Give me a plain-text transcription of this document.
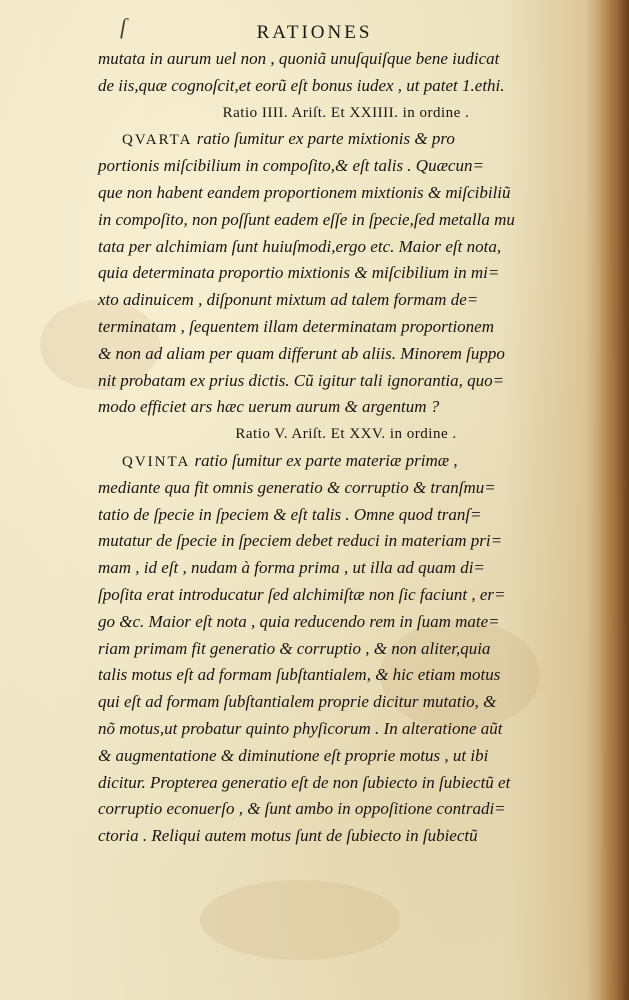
ſ	RATIONES
mutata in aurum uel non , quoniã unuſquiſque bene iudicat
de iis,quæ cognoſcit,et eorũ eſt bonus iudex , ut patet 1.ethi.
Ratio IIII. Ariſt. Et XXIIII. in ordine .
QVARTA ratio ſumitur ex parte mixtionis & pro
portionis miſcibilium in compoſito,& eſt talis . Quæcun=
que non habent eandem proportionem mixtionis & miſcibiliũ
in compoſito, non poſſunt eadem eſſe in ſpecie,ſed metalla mu
tata per alchimiam ſunt huiuſmodi,ergo etc. Maior eſt nota,
quia determinata proportio mixtionis & miſcibilium in mi=
xto adinuicem , diſponunt mixtum ad talem formam de=
terminatam , ſequentem illam determinatam proportionem
& non ad aliam per quam differunt ab aliis. Minorem ſuppo
nit probatam ex prius dictis. Cũ igitur tali ignorantia, quo=
modo efficiet ars hæc uerum aurum & argentum ?
Ratio V. Ariſt. Et XXV. in ordine .
QVINTA ratio ſumitur ex parte materiæ primæ ,
mediante qua fit omnis generatio & corruptio & tranſmu=
tatio de ſpecie in ſpeciem & eſt talis . Omne quod tranſ=
mutatur de ſpecie in ſpeciem debet reduci in materiam pri=
mam , id eſt , nudam à forma prima , ut illa ad quam di=
ſpoſita erat introducatur ſed alchimiſtæ non ſic faciunt , er=
go &c. Maior eſt nota , quia reducendo rem in ſuam mate=
riam primam fit generatio & corruptio , & non aliter,quia
talis motus eſt ad formam ſubſtantialem, & hic etiam motus
qui eſt ad formam ſubſtantialem proprie dicitur mutatio, &
nõ motus,ut probatur quinto phyſicorum . In alteratione aũt
& augmentatione & diminutione eſt proprie motus , ut ibi
dicitur. Propterea generatio eſt de non ſubiecto in ſubiectũ et
corruptio econuerſo , & ſunt ambo in oppoſitione contradi=
ctoria . Reliqui autem motus ſunt de ſubiecto in ſubiectũ
